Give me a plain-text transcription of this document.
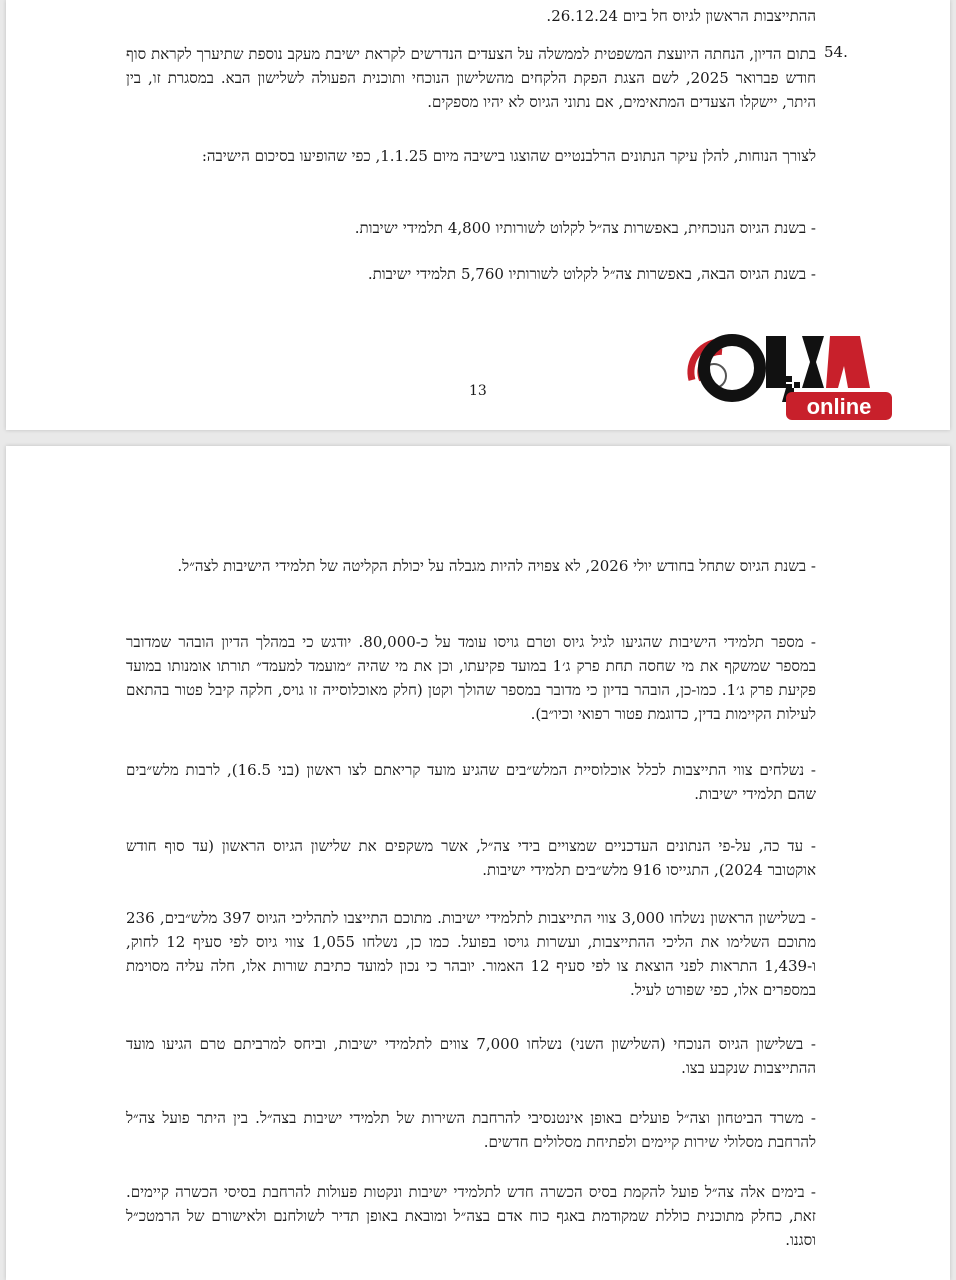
ההתייצבות הראשון לגיוס חל ביום 26.12.24.

54.

בתום הדיון, הנחתה היועצת המשפטית לממשלה על הצעדים הנדרשים לקראת ישיבת מעקב נוספת שתיערך לקראת סוף חודש פברואר 2025, לשם הצגת הפקת הלקחים מהשלישון הנוכחי ותוכנית הפעולה לשלישון הבא. במסגרת זו, בין היתר, יישקלו הצעדים המתאימים, אם נתוני הגיוס לא יהיו מספקים.

לצורך הנוחות, להלן עיקר הנתונים הרלבנטיים שהוצגו בישיבה מיום 1.1.25, כפי שהופיעו בסיכום הישיבה:

- בשנת הגיוס הנוכחית, באפשרות צה״ל לקלוט לשורותיו 4,800 תלמידי ישיבות.

- בשנת הגיוס הבאה, באפשרות צה״ל לקלוט לשורותיו 5,760 תלמידי ישיבות.

13
online

- בשנת הגיוס שתחל בחודש יולי 2026, לא צפויה להיות מגבלה על יכולת הקליטה של תלמידי הישיבות לצה״ל.

- מספר תלמידי הישיבות שהגיעו לגיל גיוס וטרם גויסו עומד על כ-80,000. יודגש כי במהלך הדיון הובהר שמדובר במספר שמשקף את מי שחסה תחת פרק ג׳1 במועד פקיעתו, וכן את מי שהיה ״מועמד למעמד״ תורתו אומנותו במועד פקיעת פרק ג׳1. כמו-כן, הובהר בדיון כי מדובר במספר שהולך וקטן (חלק מאוכלוסייה זו גויס, חלקה קיבל פטור בהתאם לעילות הקיימות בדין, כדוגמת פטור רפואי וכיו״ב).

- נשלחים צווי התייצבות לכלל אוכלוסיית המלש״בים שהגיע מועד קריאתם לצו ראשון (בני 16.5), לרבות מלש״בים שהם תלמידי ישיבות.

- עד כה, על-פי הנתונים העדכניים שמצויים בידי צה״ל, אשר משקפים את שלישון הגיוס הראשון (עד סוף חודש אוקטובר 2024), התגייסו 916 מלש״בים תלמידי ישיבות.

- בשלישון הראשון נשלחו 3,000 צווי התייצבות לתלמידי ישיבות. מתוכם התייצבו לתהליכי הגיוס 397 מלש״בים, 236 מתוכם השלימו את הליכי ההתייצבות, ועשרות גויסו בפועל. כמו כן, נשלחו 1,055 צווי גיוס לפי סעיף 12 לחוק, ו-1,439 התראות לפני הוצאת צו לפי סעיף 12 האמור. יובהר כי נכון למועד כתיבת שורות אלו, חלה עליה מסוימת במספרים אלו, כפי שפורט לעיל.

- בשלישון הגיוס הנוכחי (השלישון השני) נשלחו 7,000 צווים לתלמידי ישיבות, וביחס למרביתם טרם הגיעו מועד ההתייצבות שנקבע בצו.

- משרד הביטחון וצה״ל פועלים באופן אינטנסיבי להרחבת השירות של תלמידי ישיבות בצה״ל. בין היתר פועל צה״ל להרחבת מסלולי שירות קיימים ולפתיחת מסלולים חדשים.

- בימים אלה צה״ל פועל להקמת בסיס הכשרה חדש לתלמידי ישיבות ונקטות פעולות להרחבת בסיסי הכשרה קיימים. זאת, כחלק מתוכנית כוללת שמקודמת באגף כוח אדם בצה״ל ומובאת באופן תדיר לשולחנם ולאישורם של הרמטכ״ל וסגנו.
